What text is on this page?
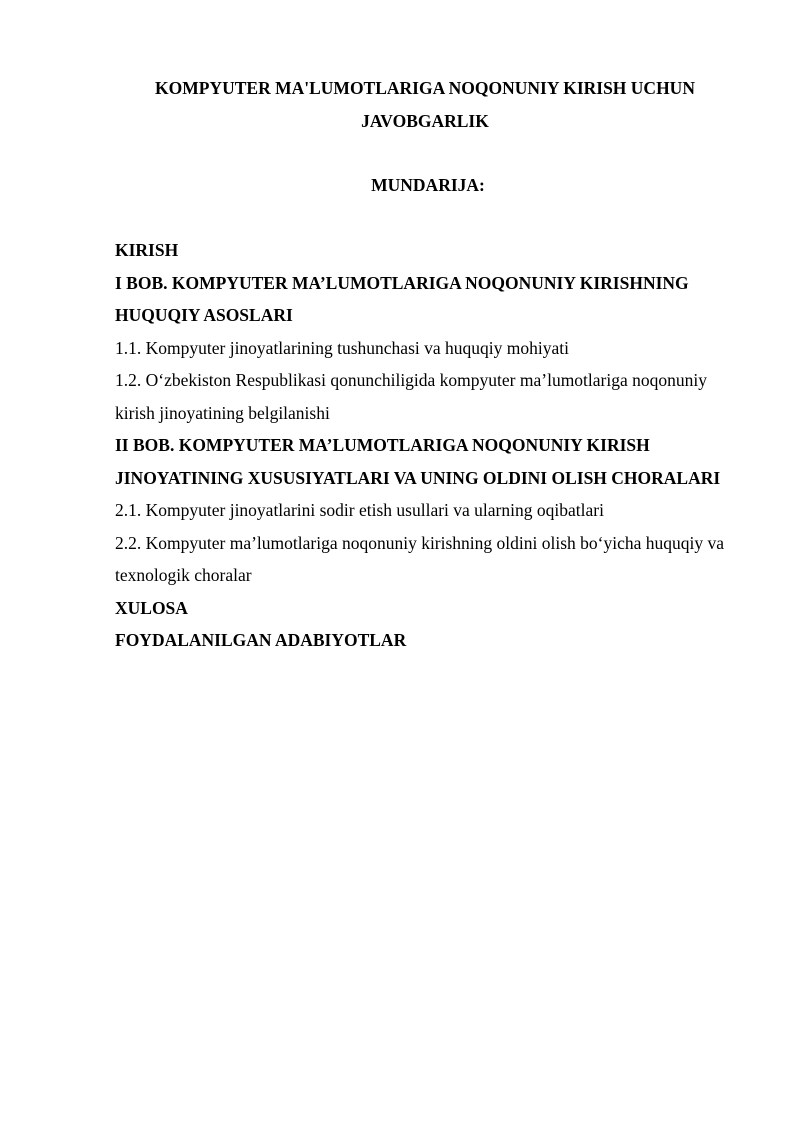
KOMPYUTER MA'LUMOTLARIGA NOQONUNIY KIRISH UCHUN JAVOBGARLIK
MUNDARIJA:
KIRISH
I BOB. KOMPYUTER MA’LUMOTLARIGA NOQONUNIY KIRISHNING HUQUQIY ASOSLARI
1.1. Kompyuter jinoyatlarining tushunchasi va huquqiy mohiyati
1.2. O‘zbekiston Respublikasi qonunchiligida kompyuter ma’lumotlariga noqonuniy kirish jinoyatining belgilanishi
II BOB. KOMPYUTER MA’LUMOTLARIGA NOQONUNIY KIRISH JINOYATINING XUSUSIYATLARI VA UNING OLDINI OLISH CHORALARI
2.1. Kompyuter jinoyatlarini sodir etish usullari va ularning oqibatlari
2.2. Kompyuter ma’lumotlariga noqonuniy kirishning oldini olish bo‘yicha huquqiy va texnologik choralar
XULOSA
FOYDALANILGAN ADABIYOTLAR
